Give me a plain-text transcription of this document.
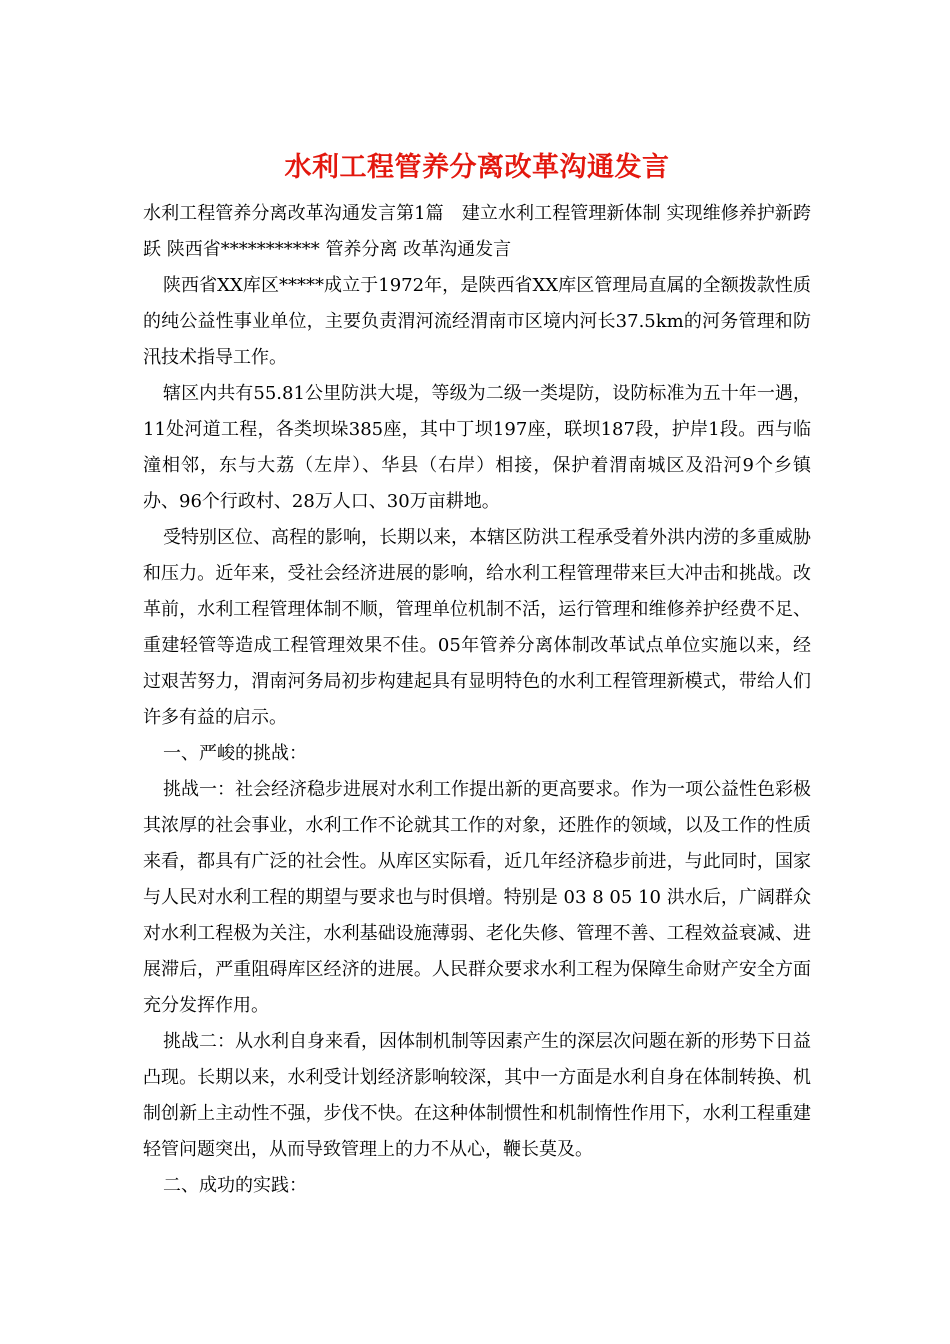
水利工程管养分离改革沟通发言

水利工程管养分离改革沟通发言第1篇　建立水利工程管理新体制 实现维修养护新跨跃 陕西省*********** 管养分离 改革沟通发言

陕西省XX库区*****成立于1972年，是陕西省XX库区管理局直属的全额拨款性质的纯公益性事业单位，主要负责渭河流经渭南市区境内河长37.5km的河务管理和防汛技术指导工作。

辖区内共有55.81公里防洪大堤，等级为二级一类堤防，设防标准为五十年一遇，11处河道工程，各类坝垛385座，其中丁坝197座，联坝187段，护岸1段。西与临潼相邻，东与大荔（左岸）、华县（右岸）相接，保护着渭南城区及沿河9个乡镇办、96个行政村、28万人口、30万亩耕地。

受特别区位、高程的影响，长期以来，本辖区防洪工程承受着外洪内涝的多重威胁和压力。近年来，受社会经济进展的影响，给水利工程管理带来巨大冲击和挑战。改革前，水利工程管理体制不顺，管理单位机制不活，运行管理和维修养护经费不足、重建轻管等造成工程管理效果不佳。05年管养分离体制改革试点单位实施以来，经过艰苦努力，渭南河务局初步构建起具有显明特色的水利工程管理新模式，带给人们许多有益的启示。

一、严峻的挑战：

挑战一：社会经济稳步进展对水利工作提出新的更高要求。作为一项公益性色彩极其浓厚的社会事业，水利工作不论就其工作的对象，还胜作的领域，以及工作的性质来看，都具有广泛的社会性。从库区实际看，近几年经济稳步前进，与此同时，国家与人民对水利工程的期望与要求也与时俱增。特别是 03 8 05 10 洪水后，广阔群众对水利工程极为关注，水利基础设施薄弱、老化失修、管理不善、工程效益衰减、进展滞后，严重阻碍库区经济的进展。人民群众要求水利工程为保障生命财产安全方面充分发挥作用。

挑战二：从水利自身来看，因体制机制等因素产生的深层次问题在新的形势下日益凸现。长期以来，水利受计划经济影响较深，其中一方面是水利自身在体制转换、机制创新上主动性不强，步伐不快。在这种体制惯性和机制惰性作用下，水利工程重建轻管问题突出，从而导致管理上的力不从心，鞭长莫及。

二、成功的实践：
